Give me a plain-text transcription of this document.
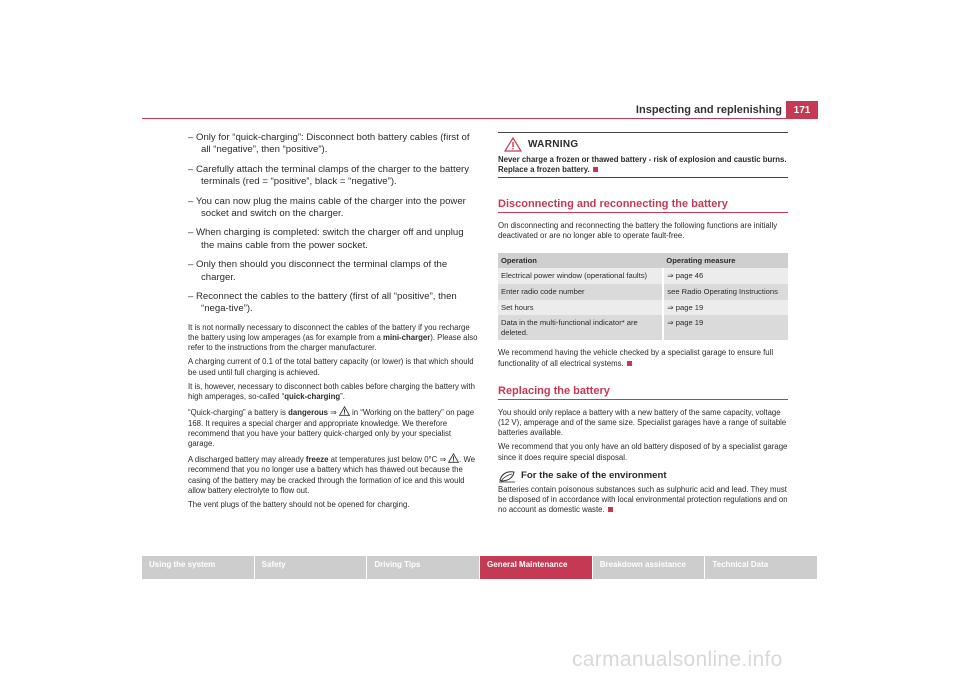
Inspecting and replenishing	171

– Only for “quick-charging”: Disconnect both battery cables (first of all “negative”, then “positive”).

– Carefully attach the terminal clamps of the charger to the battery terminals (red = “positive”, black = “negative”).

– You can now plug the mains cable of the charger into the power socket and switch on the charger.

– When charging is completed: switch the charger off and unplug the mains cable from the power socket.

– Only then should you disconnect the terminal clamps of the charger.

– Reconnect the cables to the battery (first of all “positive”, then “nega-tive”).

It is not normally necessary to disconnect the cables of the battery if you recharge the battery using low amperages (as for example from a mini-charger). Please also refer to the instructions from the charger manufacturer.

A charging current of 0.1 of the total battery capacity (or lower) is that which should be used until full charging is achieved.

It is, however, necessary to disconnect both cables before charging the battery with high amperages, so-called “quick-charging”.

“Quick-charging” a battery is dangerous ⇒  in “Working on the battery” on page 168. It requires a special charger and appropriate knowledge. We therefore recommend that you have your battery quick-charged only by your specialist garage.

A discharged battery may already freeze at temperatures just below 0°C ⇒ . We recommend that you no longer use a battery which has thawed out because the casing of the battery may be cracked through the formation of ice and this would allow battery electrolyte to flow out.

The vent plugs of the battery should not be opened for charging.

WARNING
Never charge a frozen or thawed battery - risk of explosion and caustic burns. Replace a frozen battery.
Disconnecting and reconnecting the battery

On disconnecting and reconnecting the battery the following functions are initially deactivated or are no longer able to operate fault-free.

Operation	Operating measure
Electrical power window (operational faults)	⇒ page 46
Enter radio code number	see Radio Operating Instructions
Set hours	⇒ page 19
Data in the multi-functional indicator* are deleted.	⇒ page 19

We recommend having the vehicle checked by a specialist garage to ensure full functionality of all electrical systems.

Replacing the battery

You should only replace a battery with a new battery of the same capacity, voltage (12 V), amperage and of the same size. Specialist garages have a range of suitable batteries available.

We recommend that you only have an old battery disposed of by a specialist garage since it does require special disposal.

For the sake of the environment

Batteries contain poisonous substances such as sulphuric acid and lead. They must be disposed of in accordance with local environmental protection regulations and on no account as domestic waste.

Using the system	Safety	Driving Tips	General Maintenance	Breakdown assistance	Technical Data
carmanualsonline.info
